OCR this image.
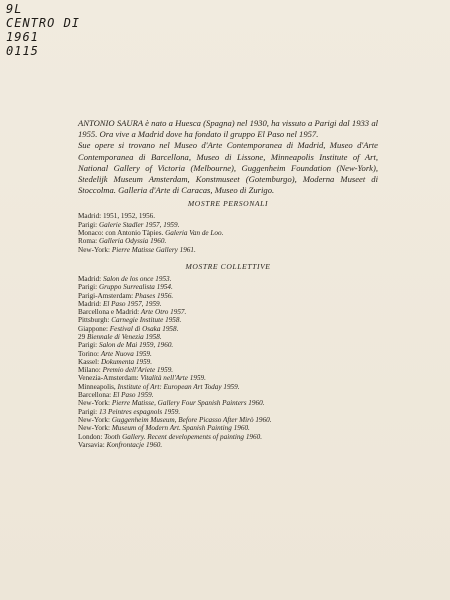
9L
CENTRO DI
1961
0115

ANTONIO SAURA è nato a Huesca (Spagna) nel 1930, ha vissuto a Parigi dal 1933 al 1955. Ora vive a Madrid dove ha fondato il gruppo El Paso nel 1957.

Sue opere si trovano nel Museo d'Arte Contemporanea di Madrid, Museo d'Arte Contemporanea di Barcellona, Museo di Lissone, Minneapolis Institute of Art, National Gallery of Victoria (Melbourne), Guggenheim Foundation (New-York), Stedelijk Museum Amsterdam, Konstmuseet (Gotemburgo), Moderna Museet di Stoccolma. Galleria d'Arte di Caracas, Museo di Zurigo.

MOSTRE PERSONALI
Madrid: 1951, 1952, 1956.
Parigi: Galerie Stadler 1957, 1959.
Monaco: con Antonio Tàpies. Galeria Van de Loo.
Roma: Galleria Odyssia 1960.
New-York: Pierre Matisse Gallery 1961.
MOSTRE COLLETTIVE
Madrid: Salon de los once 1953.
Parigi: Gruppo Surrealista 1954.
Parigi-Amsterdam: Phases 1956.
Madrid: El Paso 1957, 1959.
Barcellona e Madrid: Arte Otro 1957.
Pittsburgh: Carnegie Institute 1958.
Giappone: Festival di Osaka 1958.
29 Biennale di Venezia 1958.
Parigi: Salon de Mai 1959, 1960.
Torino: Arte Nuova 1959.
Kassel: Dokumenta 1959.
Milano: Premio dell'Ariete 1959.
Venezia-Amsterdam: Vitalità nell'Arte 1959.
Minneapolis, Institute of Art: European Art Today 1959.
Barcellona: El Paso 1959.
New-York: Pierre Matisse, Gallery Four Spanish Painters 1960.
Parigi: 13 Peintres espagnols 1959.
New-York: Guggenheim Museum, Before Picasso After Mirò 1960.
New-York: Museum of Modern Art. Spanish Painting 1960.
London: Tooth Gallery. Recent developements of painting 1960.
Varsavia: Konfrontacje 1960.
